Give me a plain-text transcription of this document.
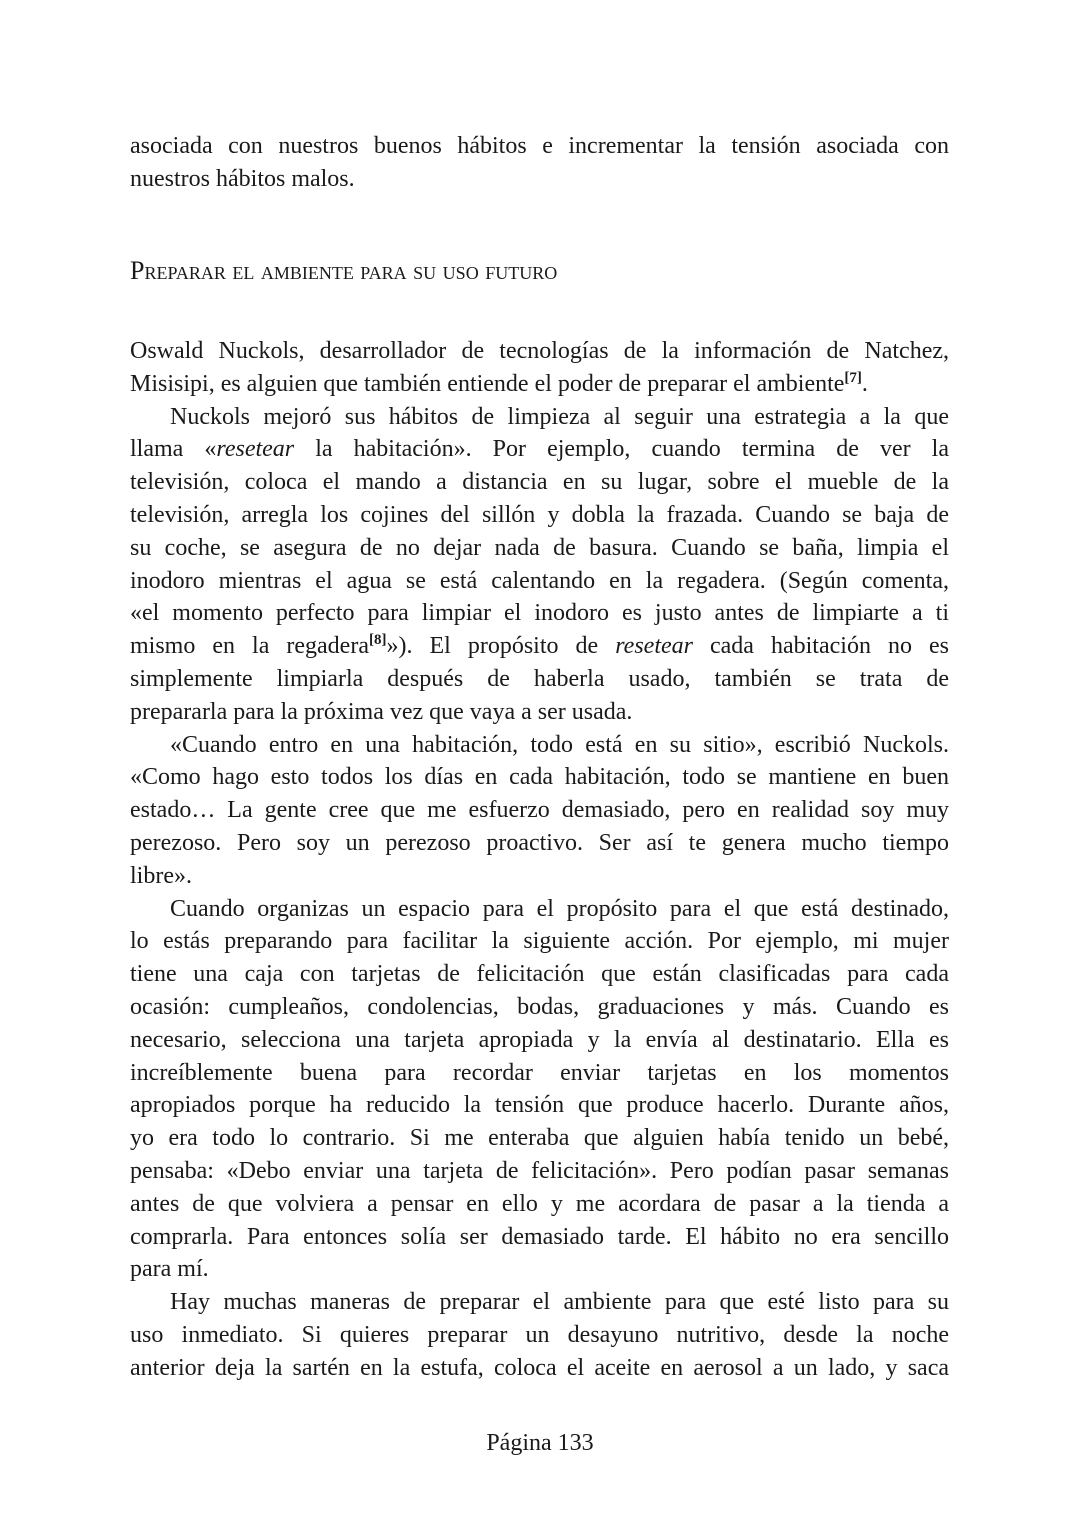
asociada con nuestros buenos hábitos e incrementar la tensión asociada con
nuestros hábitos malos.
Preparar el ambiente para su uso futuro
Oswald Nuckols, desarrollador de tecnologías de la información de Natchez,
Misisipi, es alguien que también entiende el poder de preparar el ambiente[7].
Nuckols mejoró sus hábitos de limpieza al seguir una estrategia a la que
llama «resetear la habitación». Por ejemplo, cuando termina de ver la
televisión, coloca el mando a distancia en su lugar, sobre el mueble de la
televisión, arregla los cojines del sillón y dobla la frazada. Cuando se baja de
su coche, se asegura de no dejar nada de basura. Cuando se baña, limpia el
inodoro mientras el agua se está calentando en la regadera. (Según comenta,
«el momento perfecto para limpiar el inodoro es justo antes de limpiarte a ti
mismo en la regadera[8]»). El propósito de resetear cada habitación no es
simplemente limpiarla después de haberla usado, también se trata de
prepararla para la próxima vez que vaya a ser usada.
«Cuando entro en una habitación, todo está en su sitio», escribió Nuckols.
«Como hago esto todos los días en cada habitación, todo se mantiene en buen
estado… La gente cree que me esfuerzo demasiado, pero en realidad soy muy
perezoso. Pero soy un perezoso proactivo. Ser así te genera mucho tiempo
libre».
Cuando organizas un espacio para el propósito para el que está destinado,
lo estás preparando para facilitar la siguiente acción. Por ejemplo, mi mujer
tiene una caja con tarjetas de felicitación que están clasificadas para cada
ocasión: cumpleaños, condolencias, bodas, graduaciones y más. Cuando es
necesario, selecciona una tarjeta apropiada y la envía al destinatario. Ella es
increíblemente buena para recordar enviar tarjetas en los momentos
apropiados porque ha reducido la tensión que produce hacerlo. Durante años,
yo era todo lo contrario. Si me enteraba que alguien había tenido un bebé,
pensaba: «Debo enviar una tarjeta de felicitación». Pero podían pasar semanas
antes de que volviera a pensar en ello y me acordara de pasar a la tienda a
comprarla. Para entonces solía ser demasiado tarde. El hábito no era sencillo
para mí.
Hay muchas maneras de preparar el ambiente para que esté listo para su
uso inmediato. Si quieres preparar un desayuno nutritivo, desde la noche
anterior deja la sartén en la estufa, coloca el aceite en aerosol a un lado, y saca
Página 133
